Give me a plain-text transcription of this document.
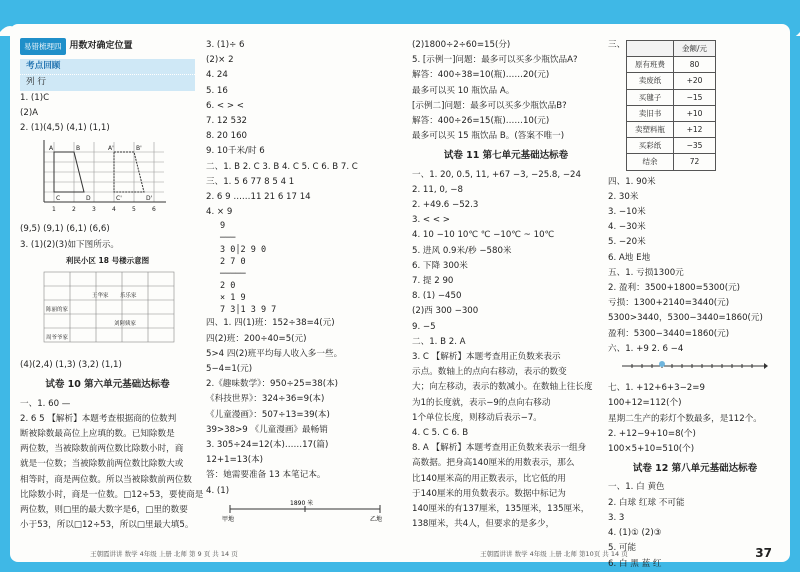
易错梳理四 用数对确定位置
考点回顾
列 行
1. (1)C
(2)A
2. (1)(4,5) (4,1) (1,1)
A	B
C	D
A'	B'
C'	D'
1	2	3	4	5	6
(9,5) (9,1) (6,1) (6,6)
3. (1)(2)(3)如下图所示。
利民小区 18 号楼示意图
王华家 乐乐家
陈丽的家
刘阿姨家
周爷爷家
(4)(2,4) (1,3) (3,2) (1,1)
试卷 10 第六单元基础达标卷
一、1. 60 —
2. 6 5 【解析】本题考查根据商的位数判
断被除数最高位上应填的数。已知除数是
两位数，当被除数前两位数比除数小时，商
就是一位数；当被除数前两位数比除数大或
相等时，商是两位数。所以当被除数前两位数
比除数小时，商是一位数。□12÷53，要使商是
两位数，则□里的最大数字是6，□里的数要
小于53，所以□12÷53，所以□里最大填5。
王朝霞讲讲 数学 4年级 上册 北师 第 9 页 共 14 页
3. (1)÷ 6
(2)× 2
4. 24
5. 16
6. < > <
7. 12 532
8. 20 160
9. 10千米/时 6
二、1. B 2. C 3. B 4. C 5. C 6. B 7. C
三、1. 5 6 77 8 5 4 1
2. 6 9 ……11 21 6 17 14
4. × 9
9
───
3 0│2 9 0
2 7 0
─────
2 0
× 1 9
7 3│1 3 9 7
四、1. 四(1)班：152÷38=4(元)
四(2)班：200÷40=5(元)
5>4 四(2)班平均每人收入多一些。
5−4=1(元)
2.《趣味数学》：950÷25=38(本)
《科技世界》：324÷36=9(本)
《儿童漫画》：507÷13=39(本)
39>38>9 《儿童漫画》最畅销
3. 305÷24=12(本)……17(篇)
12+1=13(本)
答：她需要准备 13 本笔记本。
4. (1)
1890 米
甲地	乙地
(2)1800÷2÷60=15(分)
5. [示例一]问题：最多可以买多少瓶饮品A?
解答：400÷38=10(瓶)……20(元)
最多可以买 10 瓶饮品 A。
[示例二]问题：最多可以买多少瓶饮品B?
解答：400÷26=15(瓶)……10(元)
最多可以买 15 瓶饮品 B。(答案不唯一)
试卷 11 第七单元基础达标卷
一、1. 20, 0.5, 11, +67 −3, −25.8, −24
2. 11, 0, −8
2. +49.6 −52.3
3. < < >
4. 10 −10 10℃ ℃ −10℃ ~ 10℃
5. 进风 0.9米/秒 −580米
6. 下降 300米
7. 提 2 90
8. (1) −450
(2)西 300 −300
9. −5
二、1. B 2. A
3. C 【解析】本题考查用正负数来表示
示点。数轴上的点向右移动，表示的数变
大；向左移动，表示的数减小。在数轴上往长度
为1的长度就，表示−9的点向右移动
1个单位长度，则移动后表示−7。
4. C 5. C 6. B
8. A 【解析】本题考查用正负数来表示一组身
高数据。把身高140厘米的用数表示，那么
比140厘米高的用正数表示，比它低的用
于140厘米的用负数表示。数据中标记为
140厘米的有137厘米，135厘米，135厘米，
138厘米，共4人，但要求的是多少，
王朝霞讲讲 数学 4年级 上册 北师 第10页 共 14 页
三、
		金额/元
原有班费	80
卖废纸	+20
买毽子	−15
卖旧书	+10
卖塑料瓶	+12
买彩纸	−35
结余	72
四、1. 90米
2. 30米
3. −10米
4. −30米
5. −20米
6. A地 E地
五、1. 亏损1300元
2. 盈利：3500+1800=5300(元)
亏损：1300+2140=3440(元)
5300>3440，5300−3440=1860(元)
盈利：5300−3440=1860(元)
六、1. +9 2. 6 −4
七、1. +12+6+3−2=9
100+12=112(个)
星期二生产的彩灯个数最多，是112个。
2. +12−9+10=8(个)
100×5+10=510(个)
试卷 12 第八单元基础达标卷
一、1. 白 黄色
2. 白球 红球 不可能
3. 3
4. (1)① (2)③
5. 可能
6. 白 黑 蓝 红
37
